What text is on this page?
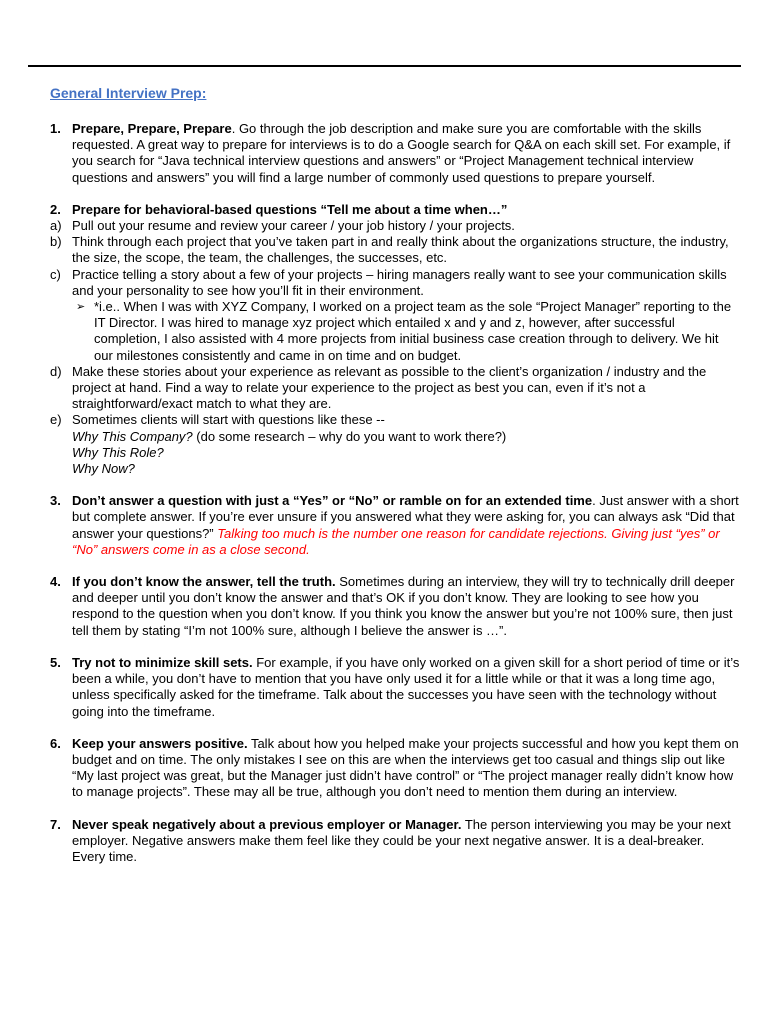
General Interview Prep:
1. Prepare, Prepare, Prepare. Go through the job description and make sure you are comfortable with the skills requested. A great way to prepare for interviews is to do a Google search for Q&A on each skill set. For example, if you search for “Java technical interview questions and answers” or “Project Management technical interview questions and answers” you will find a large number of commonly used questions to prepare yourself.

2. Prepare for behavioral-based questions “Tell me about a time when…”

a) Pull out your resume and review your career / your job history / your projects.
b) Think through each project that you’ve taken part in and really think about the organizations structure, the industry, the size, the scope, the team, the challenges, the successes, etc.
c) Practice telling a story about a few of your projects – hiring managers really want to see your communication skills and your personality to see how you’ll fit in their environment.
➢ *i.e.. When I was with XYZ Company, I worked on a project team as the sole “Project Manager” reporting to the IT Director. I was hired to manage xyz project which entailed x and y and z, however, after successful completion, I also assisted with 4 more projects from initial business case creation through to delivery. We hit our milestones consistently and came in on time and on budget.
d) Make these stories about your experience as relevant as possible to the client’s organization / industry and the project at hand. Find a way to relate your experience to the project as best you can, even if it’s not a straightforward/exact match to what they are.
e) Sometimes clients will start with questions like these --
Why This Company? (do some research – why do you want to work there?)
Why This Role?
Why Now?
3. Don’t answer a question with just a “Yes” or “No” or ramble on for an extended time. Just answer with a short but complete answer. If you’re ever unsure if you answered what they were asking for, you can always ask “Did that answer your questions?” Talking too much is the number one reason for candidate rejections. Giving just “yes” or “No” answers come in as a close second.

4. If you don’t know the answer, tell the truth. Sometimes during an interview, they will try to technically drill deeper and deeper until you don’t know the answer and that’s OK if you don’t know. They are looking to see how you respond to the question when you don’t know. If you think you know the answer but you’re not 100% sure, then just tell them by stating “I’m not 100% sure, although I believe the answer is …”.

5. Try not to minimize skill sets. For example, if you have only worked on a given skill for a short period of time or it’s been a while, you don’t have to mention that you have only used it for a little while or that it was a long time ago, unless specifically asked for the timeframe. Talk about the successes you have seen with the technology without going into the timeframe.

6. Keep your answers positive. Talk about how you helped make your projects successful and how you kept them on budget and on time. The only mistakes I see on this are when the interviews get too casual and things slip out like “My last project was great, but the Manager just didn’t have control” or “The project manager really didn’t know how to manage projects”. These may all be true, although you don’t need to mention them during an interview.

7. Never speak negatively about a previous employer or Manager. The person interviewing you may be your next employer. Negative answers make them feel like they could be your next negative answer. It is a deal-breaker. Every time.
